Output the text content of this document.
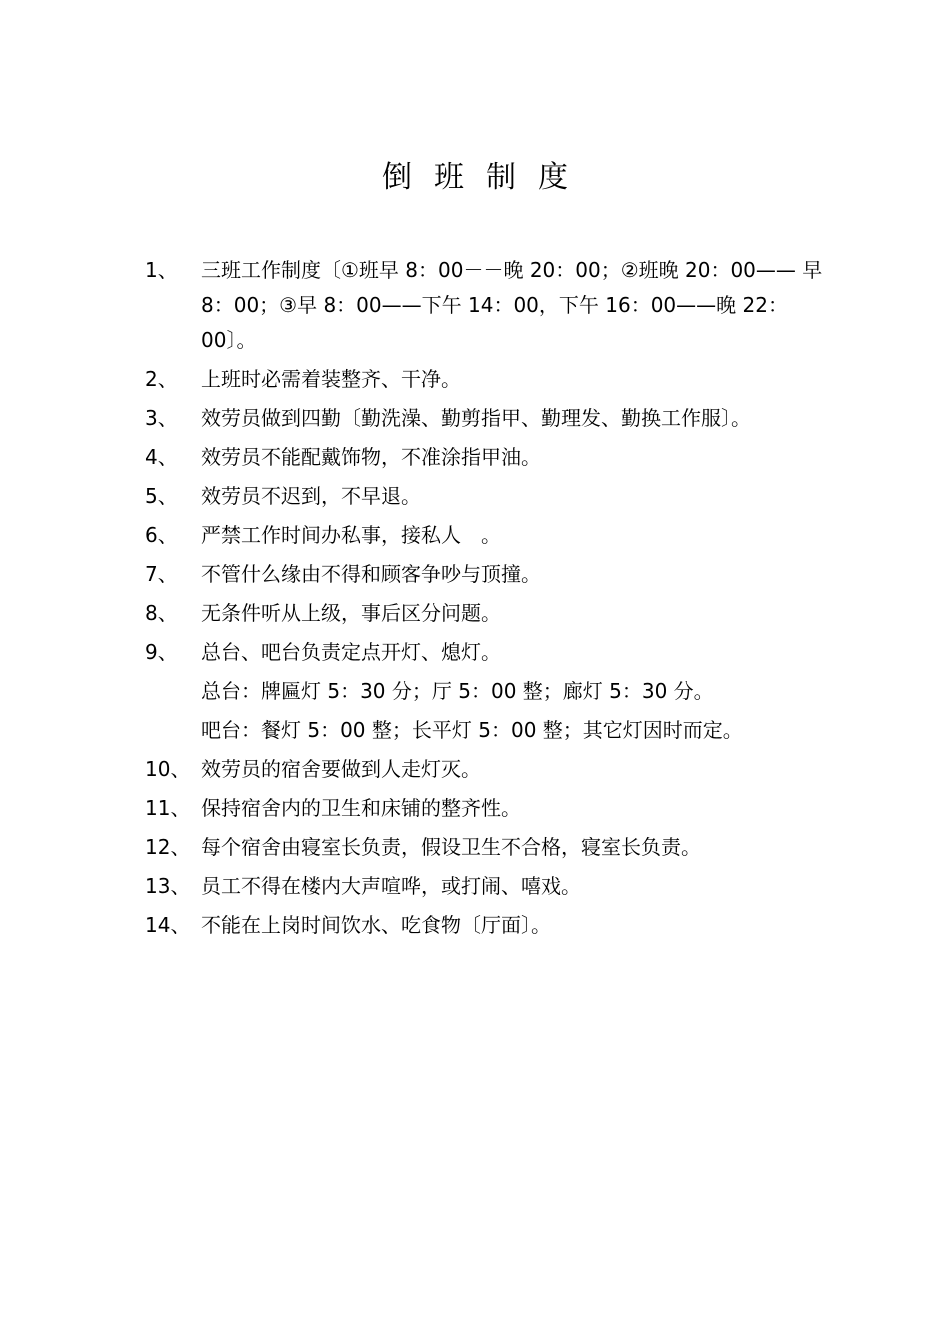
倒班制度
1、	三班工作制度〔①班早 8：00－－晚 20：00；②班晚 20：00—— 早 8：00；③早 8：00——下午 14：00，下午 16：00——晚 22： 00〕。
2、	上班时必需着装整齐、干净。
3、	效劳员做到四勤〔勤洗澡、勤剪指甲、勤理发、勤换工作服〕。
4、	效劳员不能配戴饰物，不准涂指甲油。
5、	效劳员不迟到，不早退。
6、	严禁工作时间办私事，接私人　。
7、	不管什么缘由不得和顾客争吵与顶撞。
8、	无条件听从上级，事后区分问题。
9、	总台、吧台负责定点开灯、熄灯。
总台：牌匾灯 5：30 分；厅 5：00 整；廊灯 5：30 分。
吧台：餐灯 5：00 整；长平灯 5：00 整；其它灯因时而定。
10、 效劳员的宿舍要做到人走灯灭。
11、 保持宿舍内的卫生和床铺的整齐性。
12、 每个宿舍由寝室长负责，假设卫生不合格，寝室长负责。
13、 员工不得在楼内大声喧哗，或打闹、嘻戏。
14、 不能在上岗时间饮水、吃食物〔厅面〕。
